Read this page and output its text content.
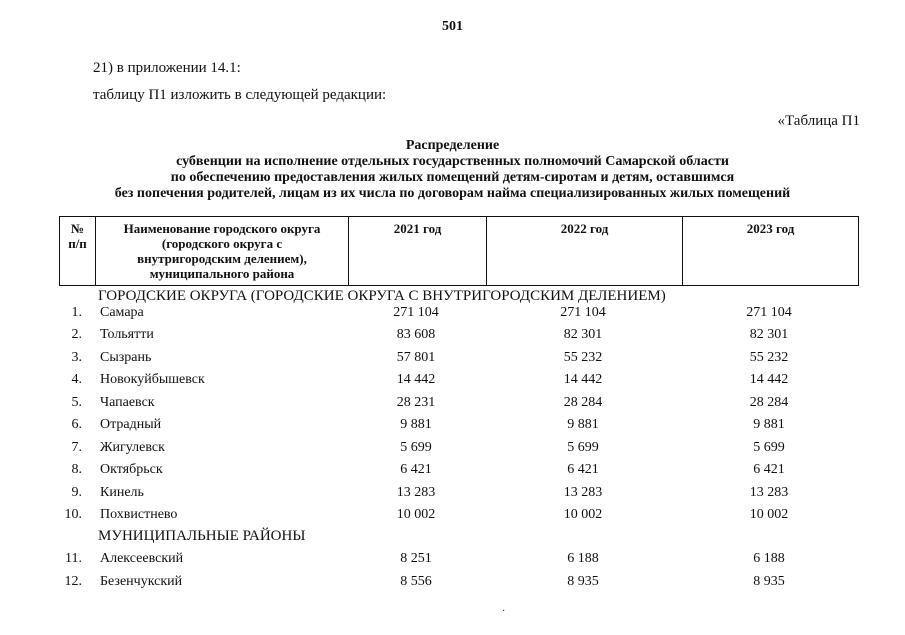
501
21) в приложении 14.1:
таблицу П1 изложить в следующей редакции:
«Таблица П1
Распределение
субвенции на исполнение отдельных государственных полномочий Самарской области
по обеспечению предоставления жилых помещений детям-сиротам и детям, оставшимся
без попечения родителей, лицам из их числа по договорам найма специализированных жилых помещений
№
п/п
Наименование городского округа
(городского округа с
внутригородским делением),
муниципального района
2021 год	2022 год	2023 год
ГОРОДСКИЕ ОКРУГА (ГОРОДСКИЕ ОКРУГА С ВНУТРИГОРОДСКИМ ДЕЛЕНИЕМ)
1. Самара	271 104	271 104	271 104
2. Тольятти	83 608	82 301	82 301
3. Сызрань	57 801	55 232	55 232
4. Новокуйбышевск	14 442	14 442	14 442
5. Чапаевск	28 231	28 284	28 284
6. Отрадный	9 881	9 881	9 881
7. Жигулевск	5 699	5 699	5 699
8. Октябрьск	6 421	6 421	6 421
9. Кинель	13 283	13 283	13 283
10. Похвистнево	10 002	10 002	10 002
МУНИЦИПАЛЬНЫЕ РАЙОНЫ
11. Алексеевский	8 251	6 188	6 188
12. Безенчукский	8 556	8 935	8 935
·
